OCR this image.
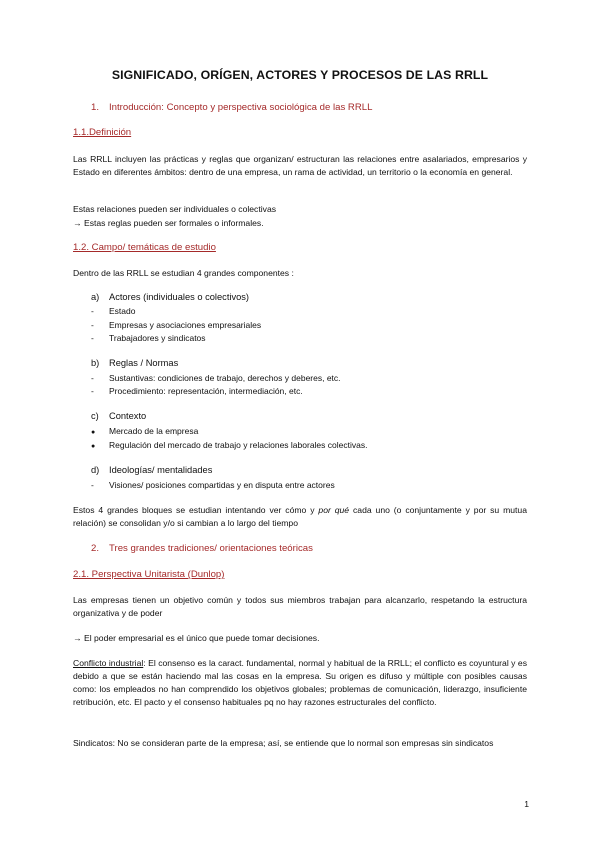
SIGNIFICADO, ORÍGEN, ACTORES Y PROCESOS DE LAS RRLL

1. Introducción: Concepto y perspectiva sociológica de las RRLL

1.1.Definición

Las RRLL incluyen las prácticas y reglas que organizan/ estructuran las relaciones entre asalariados, empresarios y Estado en diferentes ámbitos: dentro de una empresa, un rama de actividad, un territorio o la economía en general.

Estas relaciones pueden ser individuales o colectivas

→ Estas reglas pueden ser formales o informales.

1.2. Campo/ temáticas de estudio

Dentro de las RRLL se estudian 4 grandes componentes :

a) Actores (individuales o colectivos)

- Estado

- Empresas y asociaciones empresariales

- Trabajadores y sindicatos

b) Reglas / Normas

- Sustantivas: condiciones de trabajo, derechos y deberes, etc.

- Procedimiento: representación, intermediación, etc.

c) Contexto

● Mercado de la empresa

● Regulación del mercado de trabajo y relaciones laborales colectivas.

d) Ideologías/ mentalidades

- Visiones/ posiciones compartidas y en disputa entre actores

Estos 4 grandes bloques se estudian intentando ver cómo y por qué cada uno (o conjuntamente y por su mutua relación) se consolidan y/o si cambian a lo largo del tiempo

2. Tres grandes tradiciones/ orientaciones teóricas

2.1. Perspectiva Unitarista (Dunlop)

Las empresas tienen un objetivo común y todos sus miembros trabajan para alcanzarlo, respetando la estructura organizativa y de poder

→ El poder empresarial es el único que puede tomar decisiones.

Conflicto industrial: El consenso es la caract. fundamental, normal y habitual de la RRLL; el conflicto es coyuntural y es debido a que se están haciendo mal las cosas en la empresa. Su origen es difuso y múltiple con posibles causas como: los empleados no han comprendido los objetivos globales; problemas de comunicación, liderazgo, insuficiente retribución, etc. El pacto y el consenso habituales pq no hay razones estructurales del conflicto.

Sindicatos: No se consideran parte de la empresa; así, se entiende que lo normal son empresas sin sindicatos

1
